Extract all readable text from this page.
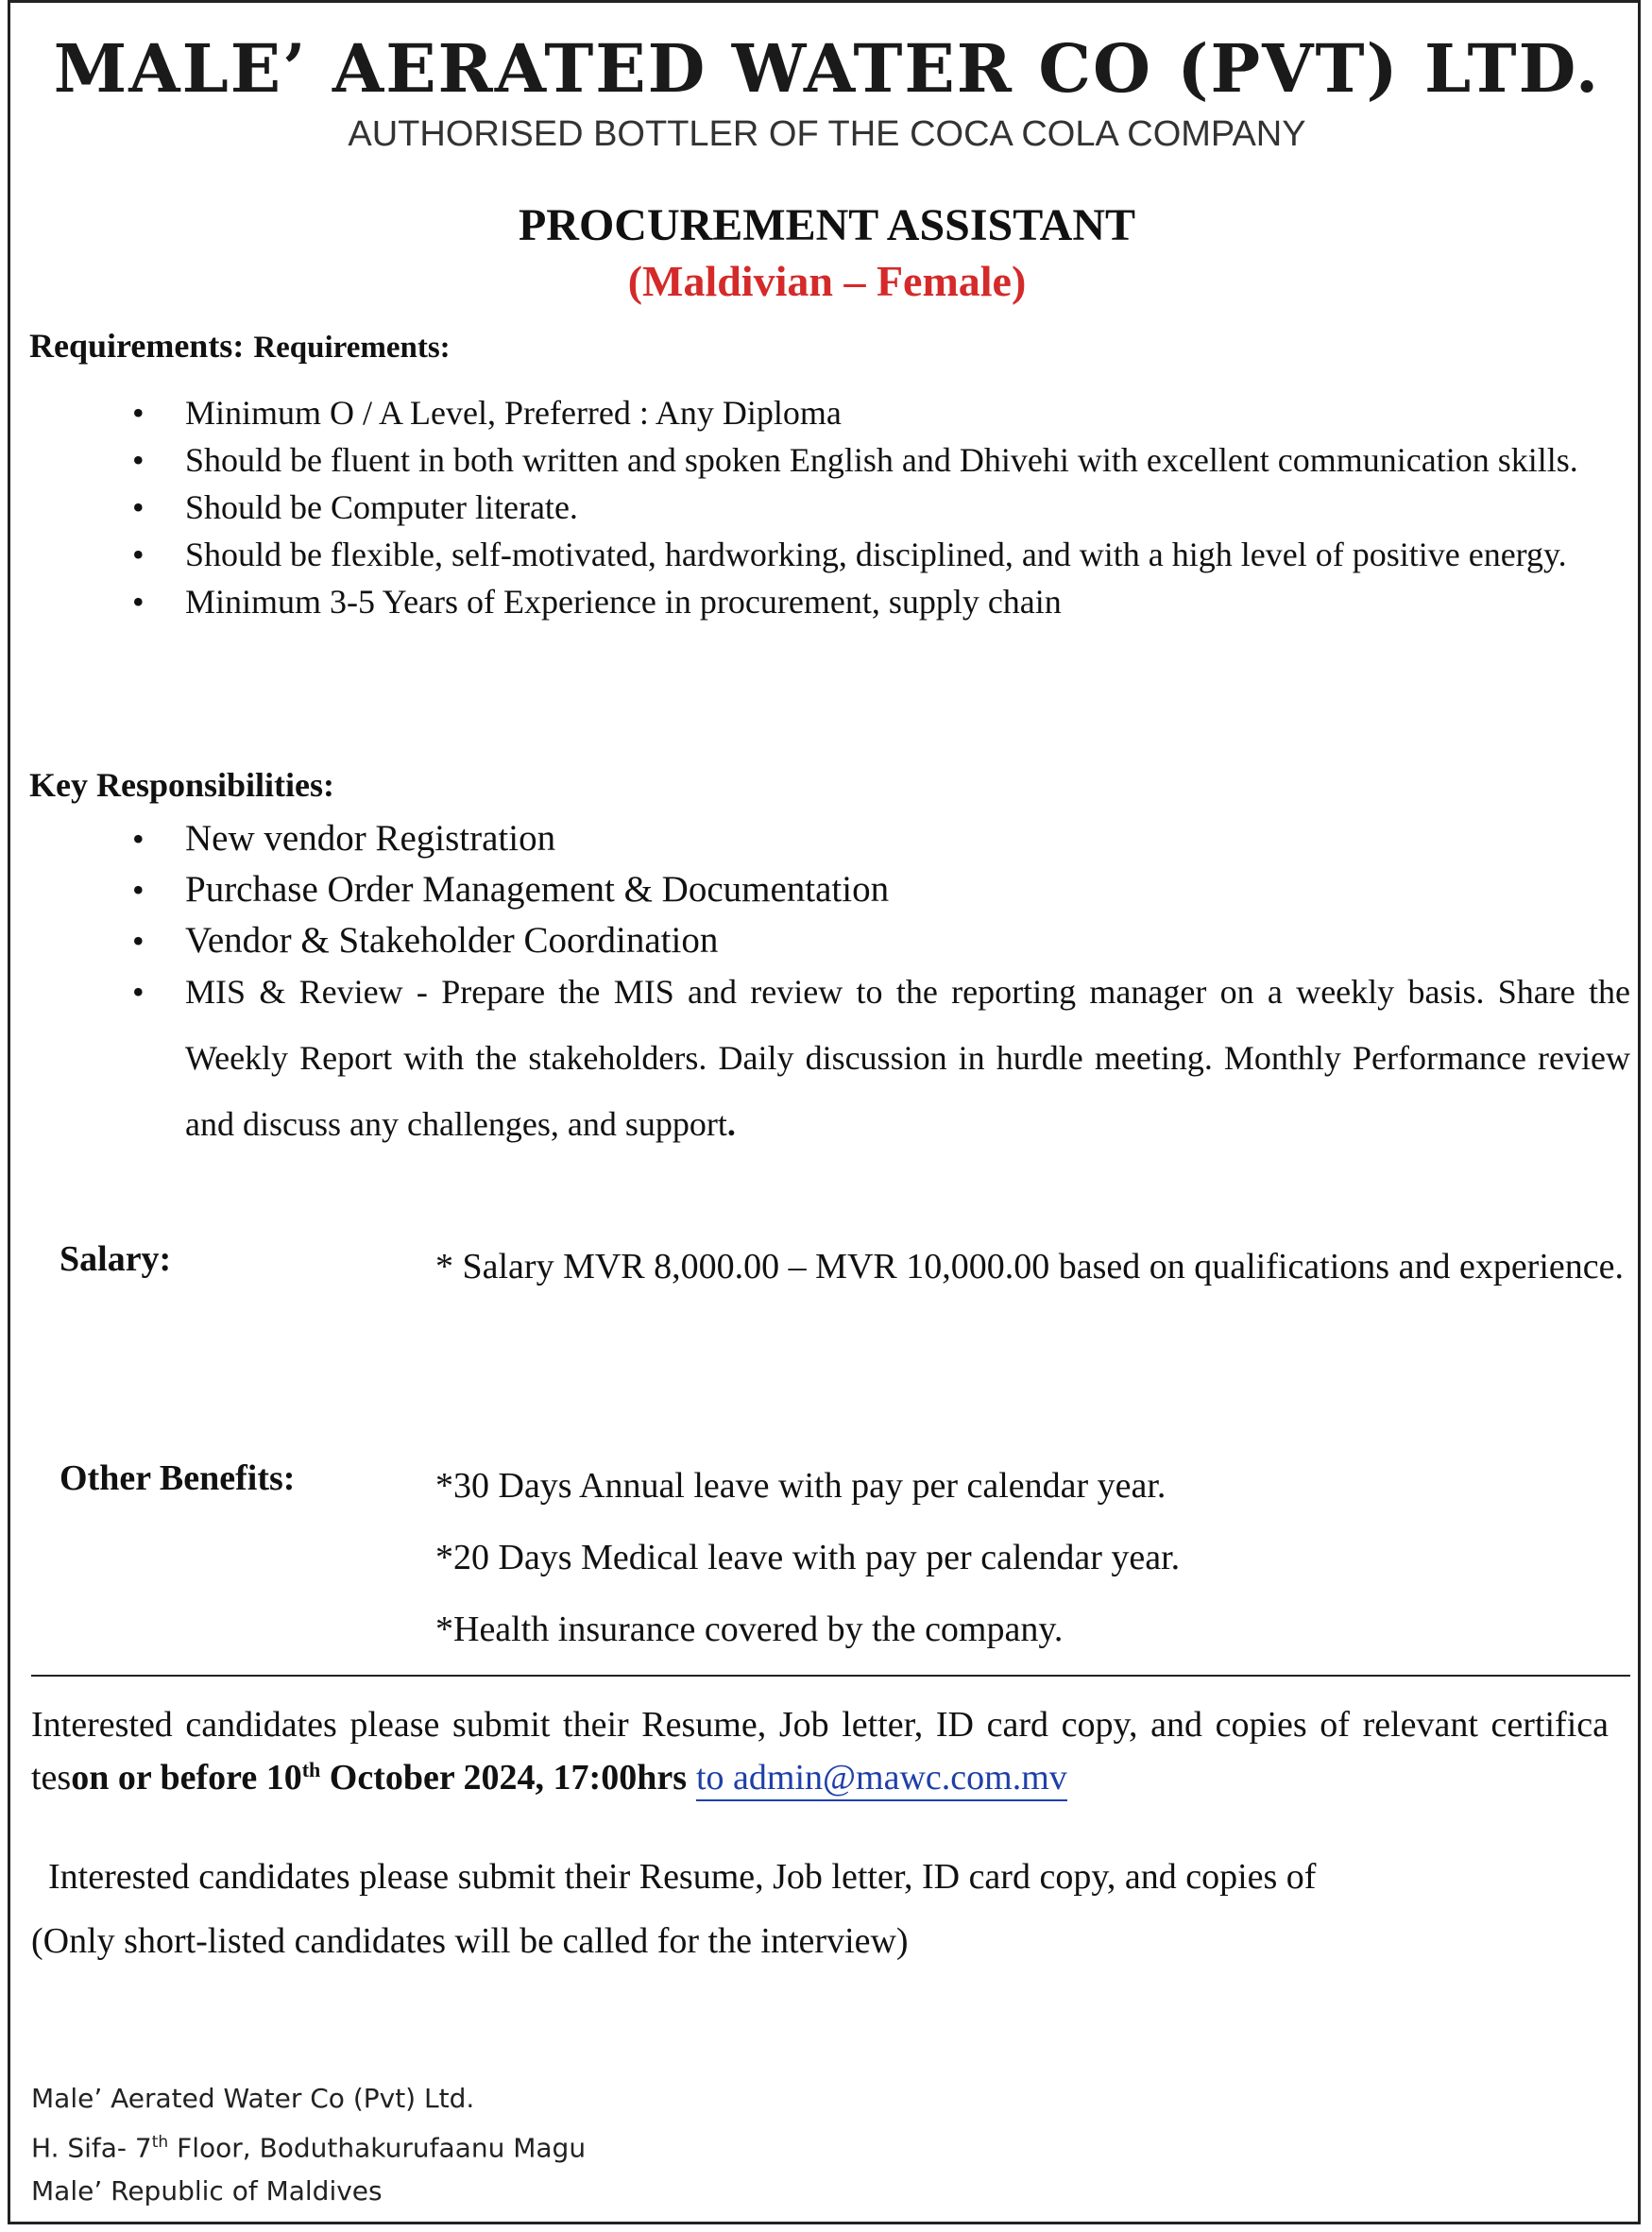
MALE’ AERATED WATER CO (PVT) LTD.
AUTHORISED BOTTLER OF THE COCA COLA COMPANY
PROCUREMENT ASSISTANT
(Maldivian – Female)
Requirements: Requirements:
• Minimum O / A Level, Preferred : Any Diploma
• Should be fluent in both written and spoken English and Dhivehi with excellent communication skills.
• Should be Computer literate.
• Should be flexible, self-motivated, hardworking, disciplined, and with a high level of positive energy.
• Minimum 3-5 Years of Experience in procurement, supply chain
Key Responsibilities:
• New vendor Registration
• Purchase Order Management & Documentation
• Vendor & Stakeholder Coordination
• MIS & Review - Prepare the MIS and review to the reporting manager on a weekly basis. Share the Weekly Report with the stakeholders. Daily discussion in hurdle meeting. Monthly Performance review and discuss any challenges, and support.
Salary:	* Salary MVR 8,000.00 – MVR 10,000.00 based on qualifications and experience.
Other Benefits:	*30 Days Annual leave with pay per calendar year.
*20 Days Medical leave with pay per calendar year.
*Health insurance covered by the company.
Interested candidates please submit their Resume, Job letter, ID card copy, and copies of relevant certifica teson or before 10th October 2024, 17:00hrs to admin@mawc.com.mv
Interested candidates please submit their Resume, Job letter, ID card copy, and copies of
(Only short-listed candidates will be called for the interview)
Male’ Aerated Water Co (Pvt) Ltd.
H. Sifa- 7th Floor, Boduthakurufaanu Magu
Male’ Republic of Maldives
